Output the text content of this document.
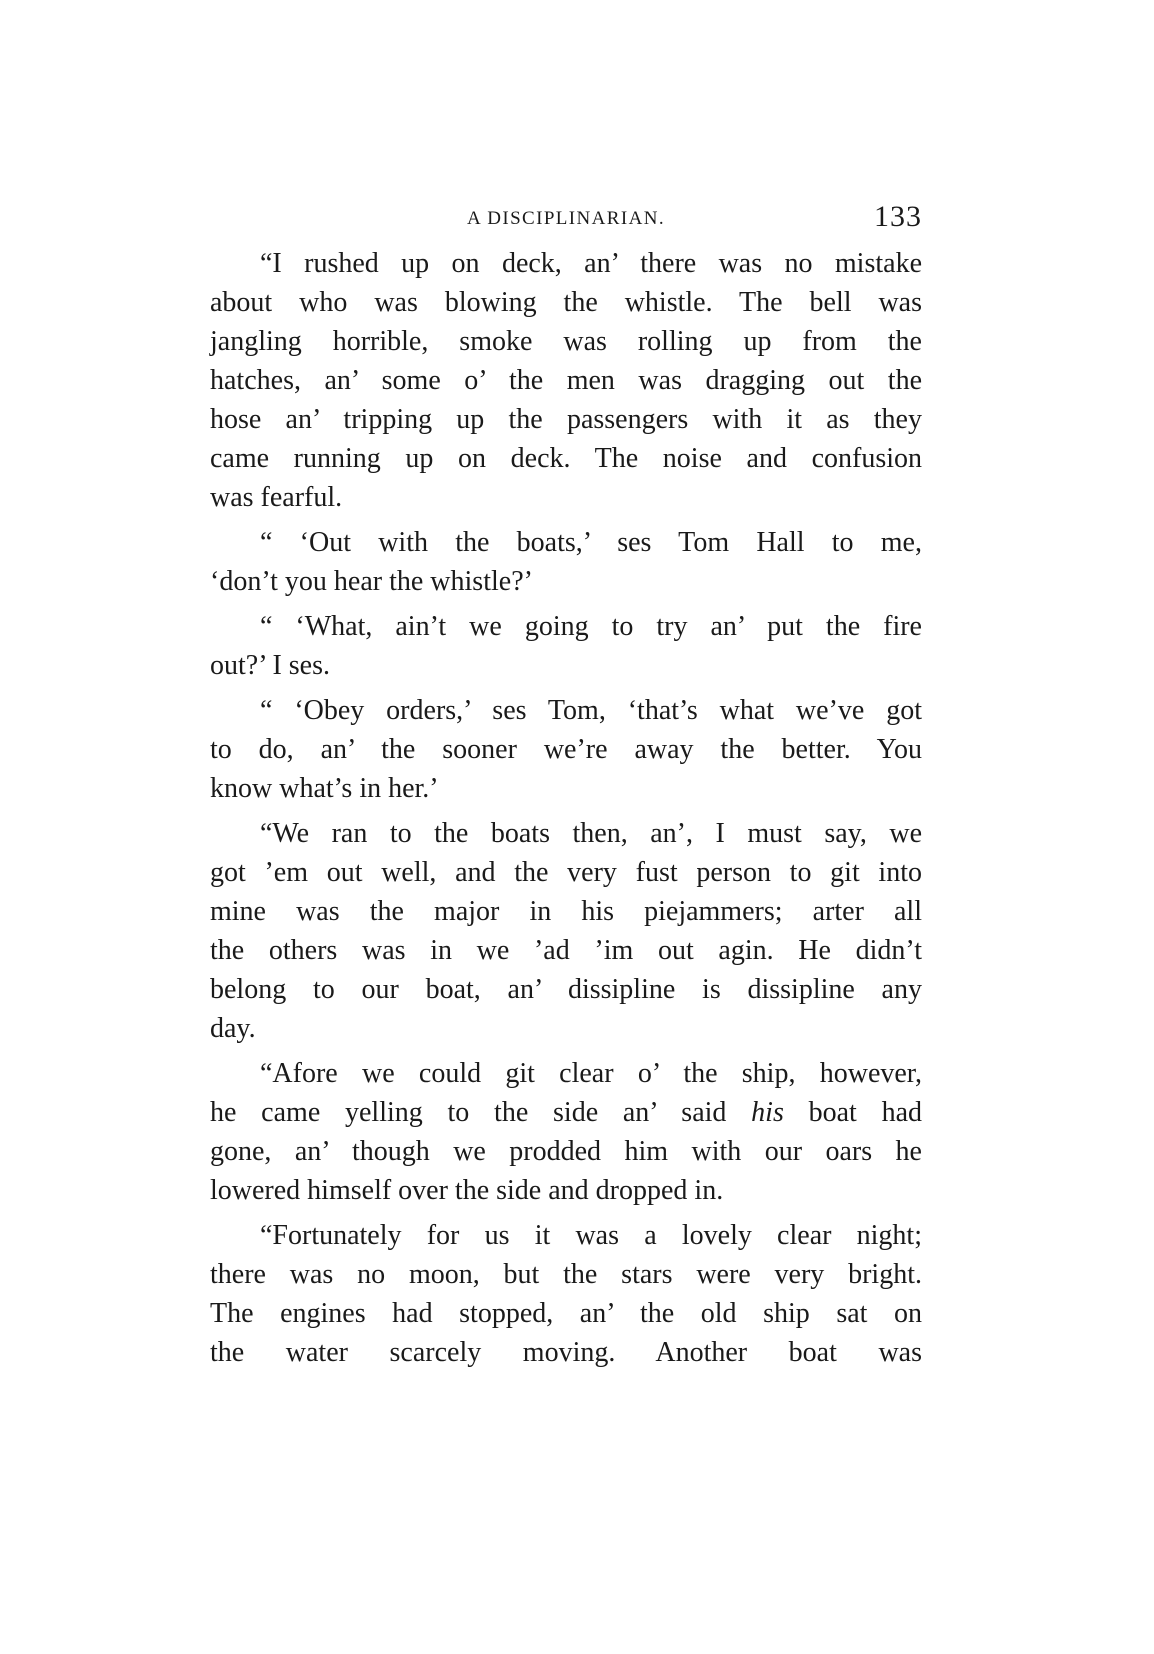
A DISCIPLINARIAN.	133

“I rushed up on deck, an’ there was no mistake
about who was blowing the whistle. The bell was
jangling horrible, smoke was rolling up from the
hatches, an’ some o’ the men was dragging out the
hose an’ tripping up the passengers with it as they
came running up on deck. The noise and confusion
was fearful.

“ ‘Out with the boats,’ ses Tom Hall to me,
‘don’t you hear the whistle?’

“ ‘What, ain’t we going to try an’ put the fire
out?’ I ses.

“ ‘Obey orders,’ ses Tom, ‘that’s what we’ve got
to do, an’ the sooner we’re away the better. You
know what’s in her.’

“We ran to the boats then, an’, I must say, we
got ’em out well, and the very fust person to git into
mine was the major in his piejammers; arter all
the others was in we ’ad ’im out agin. He didn’t
belong to our boat, an’ dissipline is dissipline any
day.

“Afore we could git clear o’ the ship, however,
he came yelling to the side an’ said his boat had
gone, an’ though we prodded him with our oars he
lowered himself over the side and dropped in.

“Fortunately for us it was a lovely clear night;
there was no moon, but the stars were very bright.
The engines had stopped, an’ the old ship sat on
the water scarcely moving. Another boat was
